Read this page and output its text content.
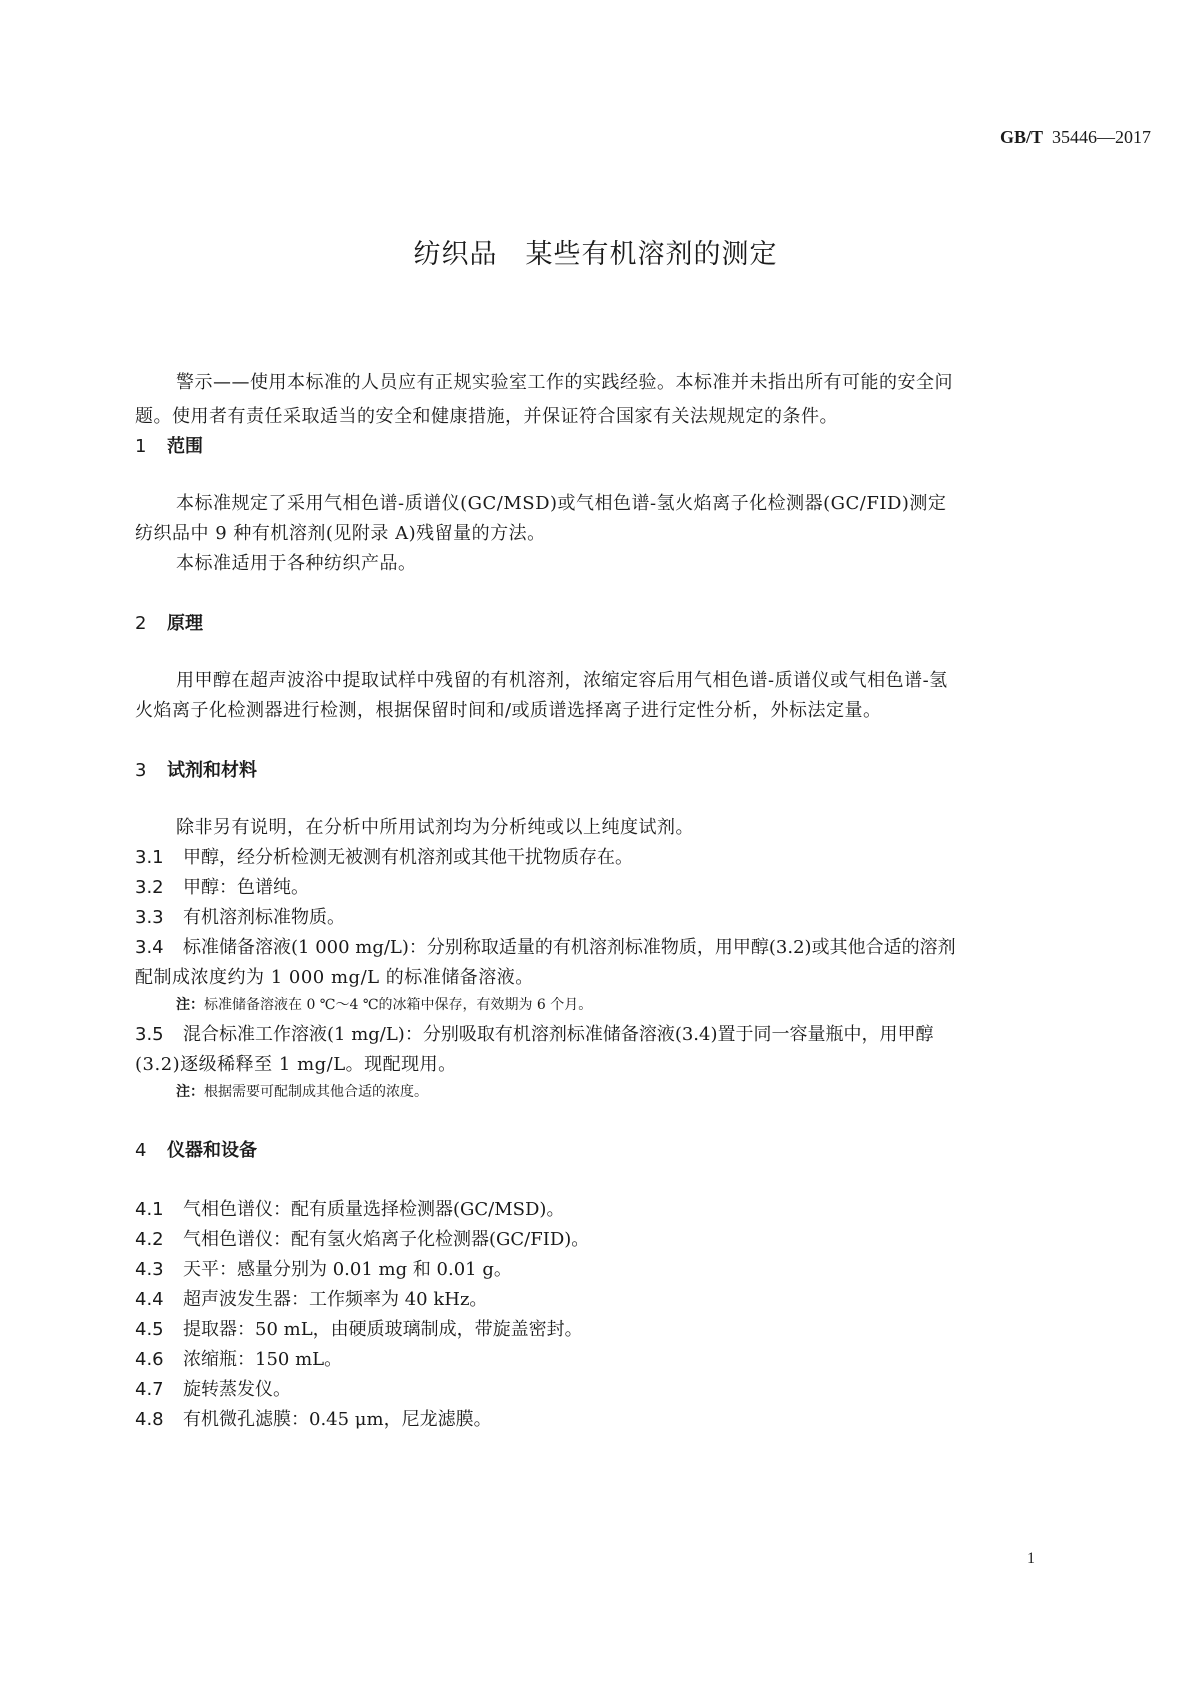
GB/T 35446—2017
纺织品　某些有机溶剂的测定
警示——使用本标准的人员应有正规实验室工作的实践经验。本标准并未指出所有可能的安全问
题。使用者有责任采取适当的安全和健康措施，并保证符合国家有关法规规定的条件。
1 范围
本标准规定了采用气相色谱-质谱仪(GC/MSD)或气相色谱-氢火焰离子化检测器(GC/FID)测定
纺织品中 9 种有机溶剂(见附录 A)残留量的方法。
本标准适用于各种纺织产品。
2 原理
用甲醇在超声波浴中提取试样中残留的有机溶剂，浓缩定容后用气相色谱-质谱仪或气相色谱-氢
火焰离子化检测器进行检测，根据保留时间和/或质谱选择离子进行定性分析，外标法定量。
3 试剂和材料
除非另有说明，在分析中所用试剂均为分析纯或以上纯度试剂。
3.1 甲醇，经分析检测无被测有机溶剂或其他干扰物质存在。
3.2 甲醇：色谱纯。
3.3 有机溶剂标准物质。
3.4 标准储备溶液(1 000 mg/L)：分别称取适量的有机溶剂标准物质，用甲醇(3.2)或其他合适的溶剂
配制成浓度约为 1 000 mg/L 的标准储备溶液。
注：标准储备溶液在 0 ℃～4 ℃的冰箱中保存，有效期为 6 个月。
3.5 混合标准工作溶液(1 mg/L)：分别吸取有机溶剂标准储备溶液(3.4)置于同一容量瓶中，用甲醇
(3.2)逐级稀释至 1 mg/L。现配现用。
注：根据需要可配制成其他合适的浓度。
4 仪器和设备
4.1 气相色谱仪：配有质量选择检测器(GC/MSD)。
4.2 气相色谱仪：配有氢火焰离子化检测器(GC/FID)。
4.3 天平：感量分别为 0.01 mg 和 0.01 g。
4.4 超声波发生器：工作频率为 40 kHz。
4.5 提取器：50 mL，由硬质玻璃制成，带旋盖密封。
4.6 浓缩瓶：150 mL。
4.7 旋转蒸发仪。
4.8 有机微孔滤膜：0.45 μm，尼龙滤膜。
1
